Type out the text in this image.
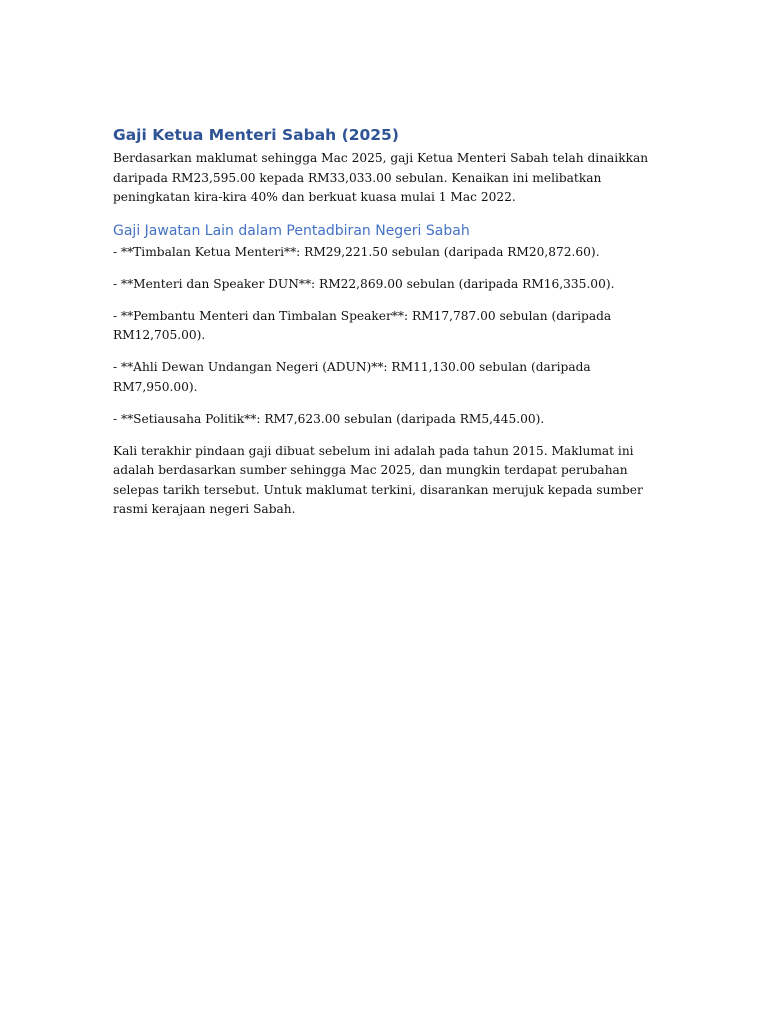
Gaji Ketua Menteri Sabah (2025)

Berdasarkan maklumat sehingga Mac 2025, gaji Ketua Menteri Sabah telah dinaikkan daripada RM23,595.00 kepada RM33,033.00 sebulan. Kenaikan ini melibatkan peningkatan kira-kira 40% dan berkuat kuasa mulai 1 Mac 2022.

Gaji Jawatan Lain dalam Pentadbiran Negeri Sabah

- **Timbalan Ketua Menteri**: RM29,221.50 sebulan (daripada RM20,872.60).

- **Menteri dan Speaker DUN**: RM22,869.00 sebulan (daripada RM16,335.00).

- **Pembantu Menteri dan Timbalan Speaker**: RM17,787.00 sebulan (daripada RM12,705.00).

- **Ahli Dewan Undangan Negeri (ADUN)**: RM11,130.00 sebulan (daripada RM7,950.00).

- **Setiausaha Politik**: RM7,623.00 sebulan (daripada RM5,445.00).

Kali terakhir pindaan gaji dibuat sebelum ini adalah pada tahun 2015. Maklumat ini adalah berdasarkan sumber sehingga Mac 2025, dan mungkin terdapat perubahan selepas tarikh tersebut. Untuk maklumat terkini, disarankan merujuk kepada sumber rasmi kerajaan negeri Sabah.
